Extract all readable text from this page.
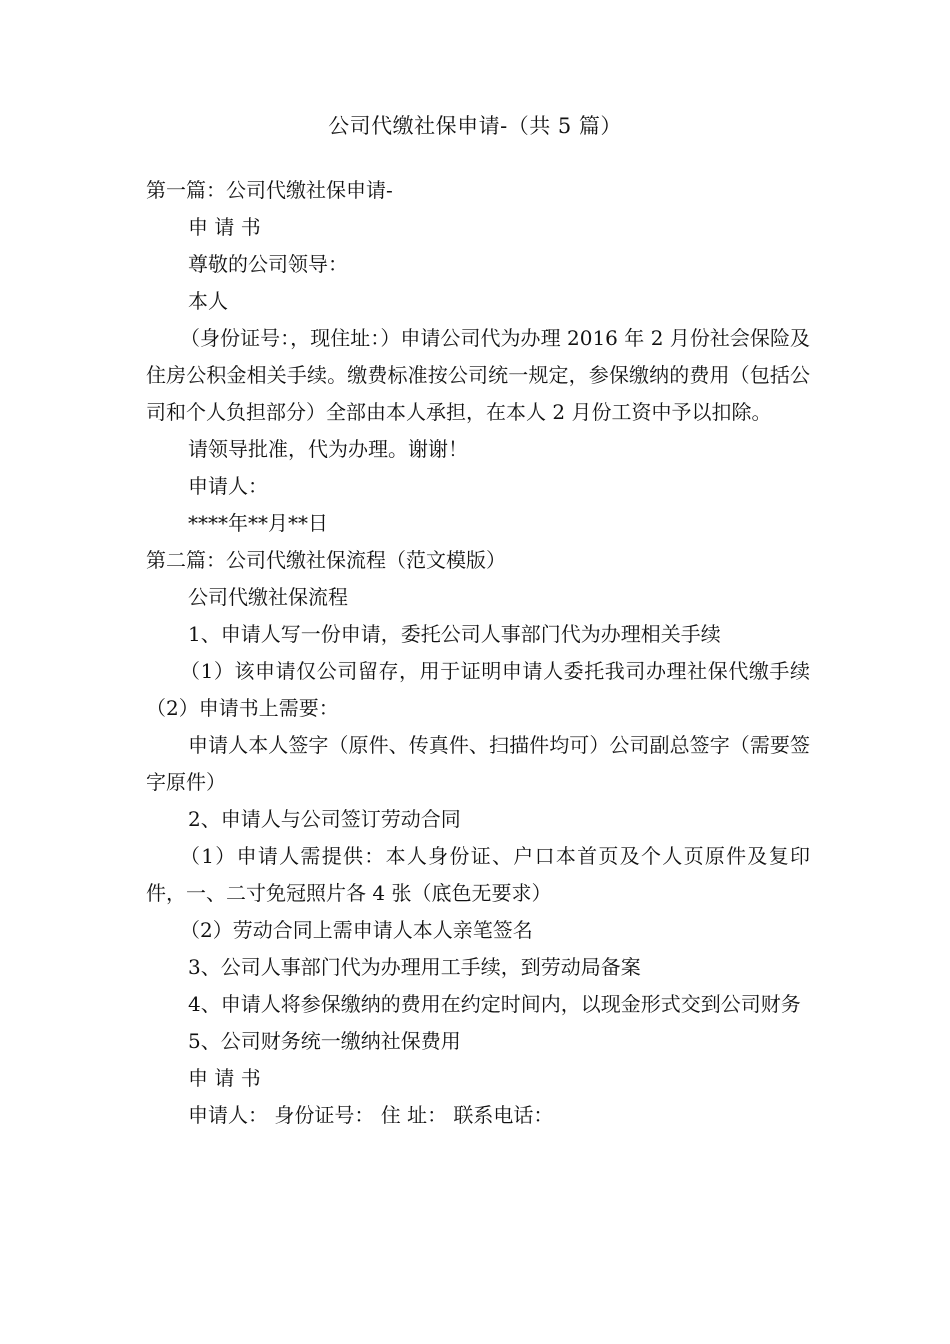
公司代缴社保申请-（共 5 篇）

第一篇：公司代缴社保申请-

申 请 书

尊敬的公司领导：

本人

（身份证号：，现住址：）申请公司代为办理 2016 年 2 月份社会保险及住房公积金相关手续。缴费标准按公司统一规定，参保缴纳的费用（包括公司和个人负担部分）全部由本人承担，在本人 2 月份工资中予以扣除。

请领导批准，代为办理。谢谢！

申请人：

****年**月**日

第二篇：公司代缴社保流程（范文模版）

公司代缴社保流程

1、申请人写一份申请，委托公司人事部门代为办理相关手续

（1）该申请仅公司留存，用于证明申请人委托我司办理社保代缴手续（2）申请书上需要：

申请人本人签字（原件、传真件、扫描件均可）公司副总签字（需要签字原件）

2、申请人与公司签订劳动合同

（1）申请人需提供：本人身份证、户口本首页及个人页原件及复印件，一、二寸免冠照片各 4 张（底色无要求）

（2）劳动合同上需申请人本人亲笔签名

3、公司人事部门代为办理用工手续，到劳动局备案

4、申请人将参保缴纳的费用在约定时间内，以现金形式交到公司财务

5、公司财务统一缴纳社保费用

申 请 书

申请人： 身份证号： 住 址： 联系电话：
